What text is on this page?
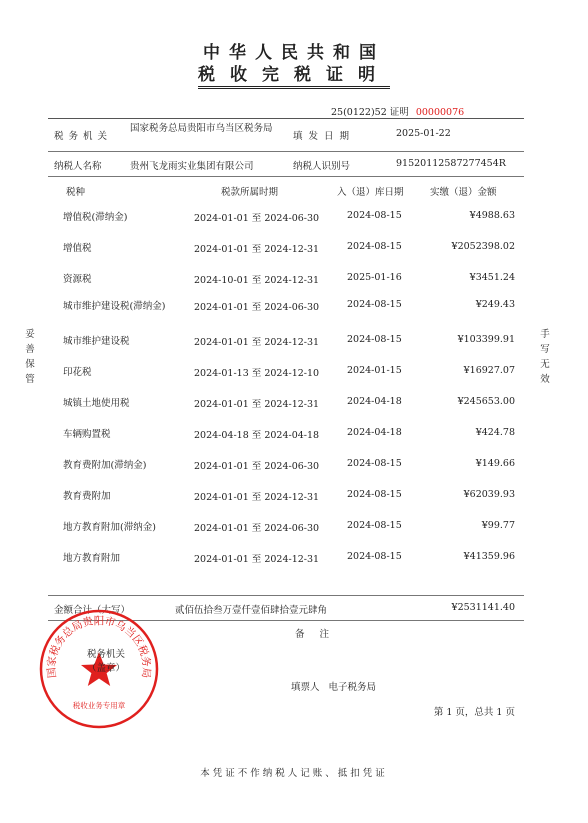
中华人民共和国
税收完税证明
25(0122)52 证明 00000076
税务机关
国家税务总局贵阳市乌当区税务局
填发日期	2025-01-22
纳税人名称	贵州飞龙雨实业集团有限公司	纳税人识别号	91520112587277454R
税种	税款所属时期	入（退）库日期	实缴（退）金额
增值税(滞纳金)	2024-01-01 至 2024-06-30	2024-08-15	¥4988.63
增值税	2024-01-01 至 2024-12-31	2024-08-15	¥2052398.02
资源税	2024-10-01 至 2024-12-31	2025-01-16	¥3451.24
城市维护建设税(滞纳金)	2024-01-01 至 2024-06-30	2024-08-15	¥249.43
城市维护建设税	2024-01-01 至 2024-12-31	2024-08-15	¥103399.91
印花税	2024-01-13 至 2024-12-10	2024-01-15	¥16927.07
城镇土地使用税	2024-01-01 至 2024-12-31	2024-04-18	¥245653.00
车辆购置税	2024-04-18 至 2024-04-18	2024-04-18	¥424.78
教育费附加(滞纳金)	2024-01-01 至 2024-06-30	2024-08-15	¥149.66
教育费附加	2024-01-01 至 2024-12-31	2024-08-15	¥62039.93
地方教育附加(滞纳金)	2024-01-01 至 2024-06-30	2024-08-15	¥99.77
地方教育附加	2024-01-01 至 2024-12-31	2024-08-15	¥41359.96
金额合计（大写）	贰佰伍拾叁万壹仟壹佰肆拾壹元肆角	¥2531141.40
备 注
妥善保管
手写无效
国家税务总局贵阳市乌当区税务局
税收业务专用章
税务机关
（盖章）
填票人 电子税务局
第 1 页，总共 1 页
本凭证不作纳税人记账、抵扣凭证
